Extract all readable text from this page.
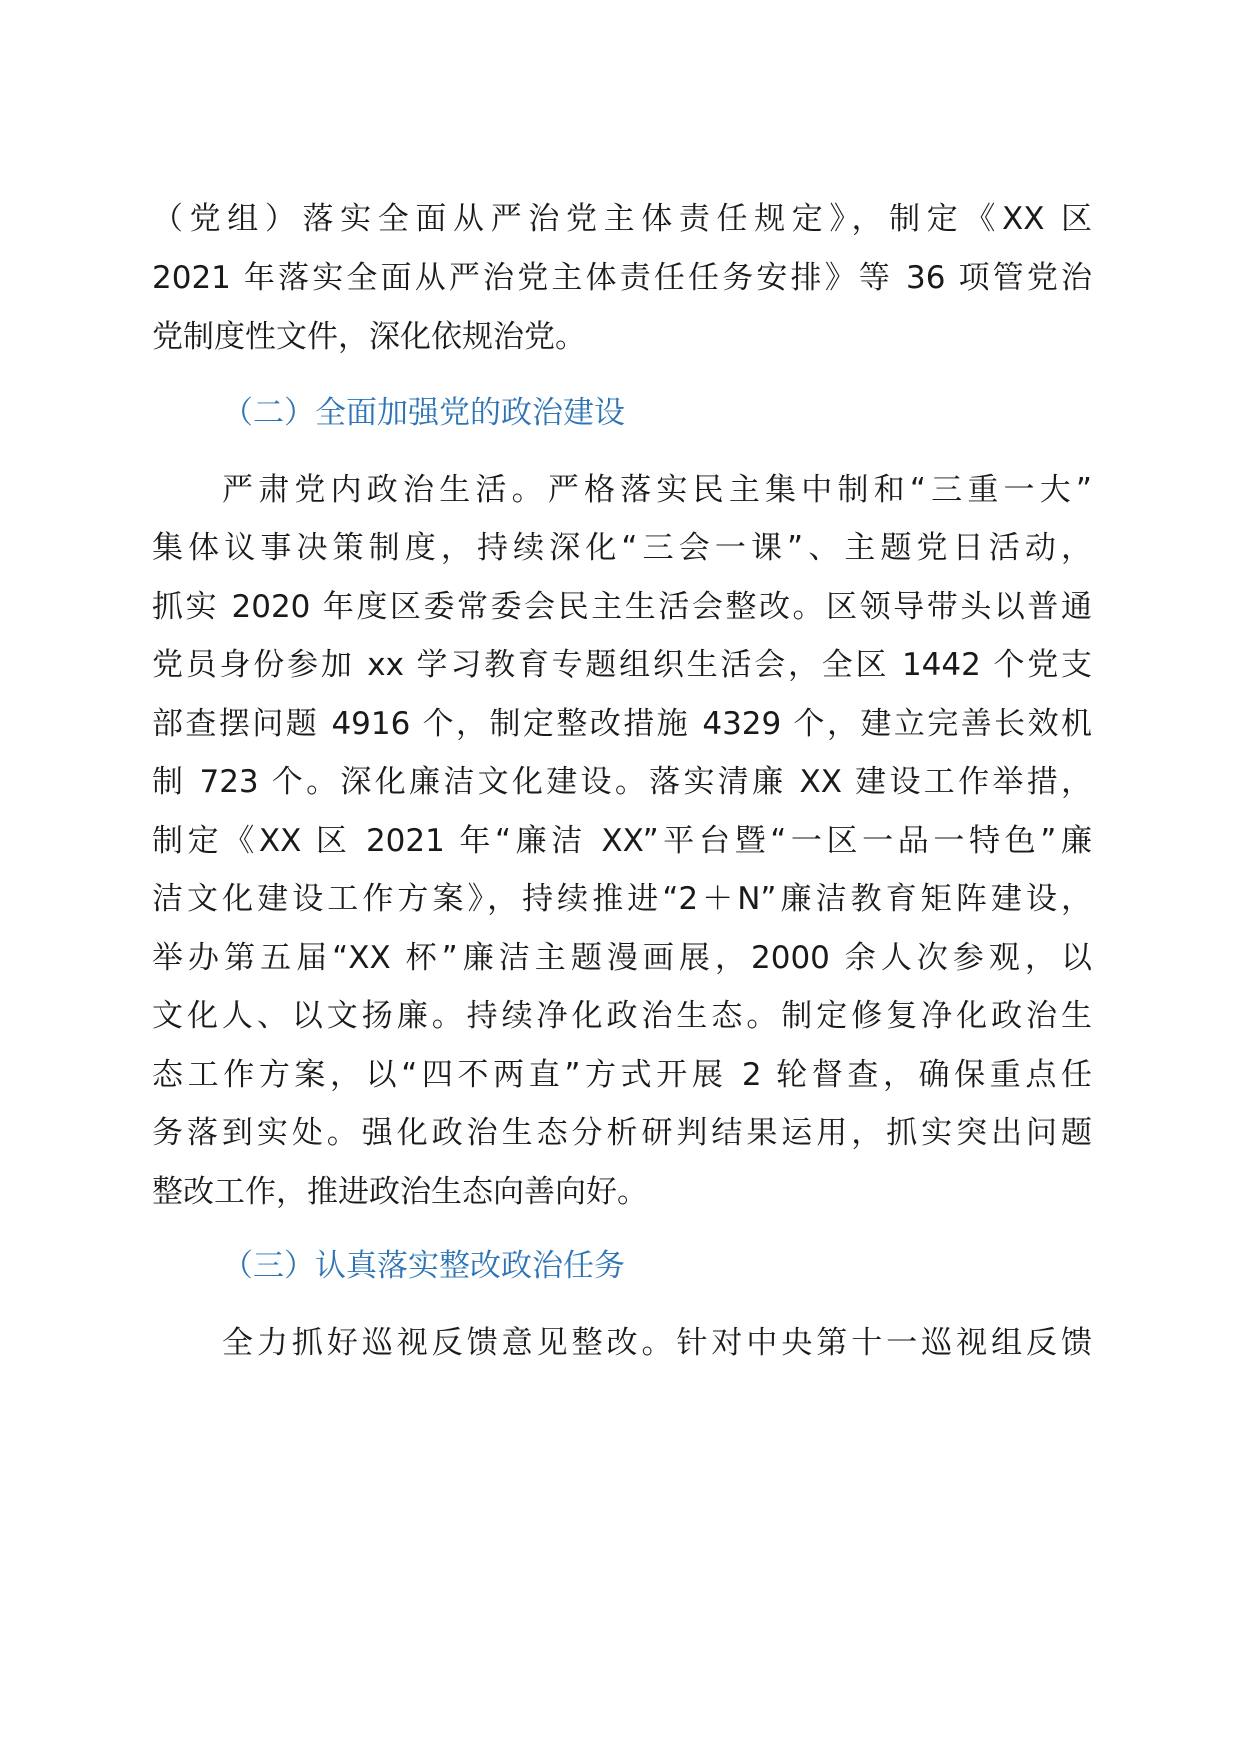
（党组）落实全面从严治党主体责任规定》，制定《XX 区
2021 年落实全面从严治党主体责任任务安排》等 36 项管党治
党制度性文件，深化依规治党。
（二）全面加强党的政治建设
严肃党内政治生活。严格落实民主集中制和“三重一大”
集体议事决策制度，持续深化“三会一课”、主题党日活动，
抓实 2020 年度区委常委会民主生活会整改。区领导带头以普通
党员身份参加 xx 学习教育专题组织生活会，全区 1442 个党支
部查摆问题 4916 个，制定整改措施 4329 个，建立完善长效机
制 723 个。深化廉洁文化建设。落实清廉 XX 建设工作举措，
制定《XX 区 2021 年“廉洁 XX”平台暨“一区一品一特色”廉
洁文化建设工作方案》，持续推进“2＋N”廉洁教育矩阵建设，
举办第五届“XX 杯”廉洁主题漫画展，2000 余人次参观，以
文化人、以文扬廉。持续净化政治生态。制定修复净化政治生
态工作方案，以“四不两直”方式开展 2 轮督查，确保重点任
务落到实处。强化政治生态分析研判结果运用，抓实突出问题
整改工作，推进政治生态向善向好。
（三）认真落实整改政治任务
全力抓好巡视反馈意见整改。针对中央第十一巡视组反馈
